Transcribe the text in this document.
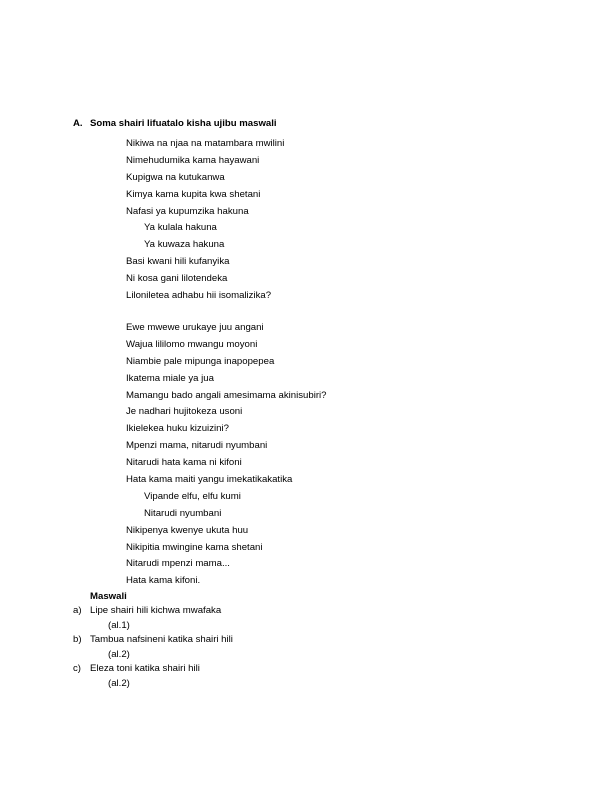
A. Soma shairi lifuatalo kisha ujibu maswali
Nikiwa na njaa na matambara mwilini
Nimehudumika kama hayawani
Kupigwa na kutukanwa
Kimya kama kupita kwa shetani
Nafasi ya kupumzika hakuna
Ya kulala hakuna
Ya kuwaza hakuna
Basi kwani hili kufanyika
Ni kosa gani lilotendeka
Liloniletea adhabu hii isomalizika?
Ewe mwewe urukaye juu angani
Wajua lililomo mwangu moyoni
Niambie pale mipunga inapopepea
Ikatema miale ya jua
Mamangu bado angali amesimama akinisubiri?
Je nadhari hujitokeza usoni
Ikielekea huku kizuizini?
Mpenzi mama, nitarudi nyumbani
Nitarudi hata kama ni kifoni
Hata kama maiti yangu imekatikakatika
Vipande elfu, elfu kumi
Nitarudi nyumbani
Nikipenya kwenye ukuta huu
Nikipitia mwingine kama shetani
Nitarudi mpenzi mama...
Hata kama kifoni.
Maswali
a) Lipe shairi hili kichwa mwafaka
(al.1)
b) Tambua nafsineni katika shairi hili
(al.2)
c) Eleza toni katika shairi hili
(al.2)
